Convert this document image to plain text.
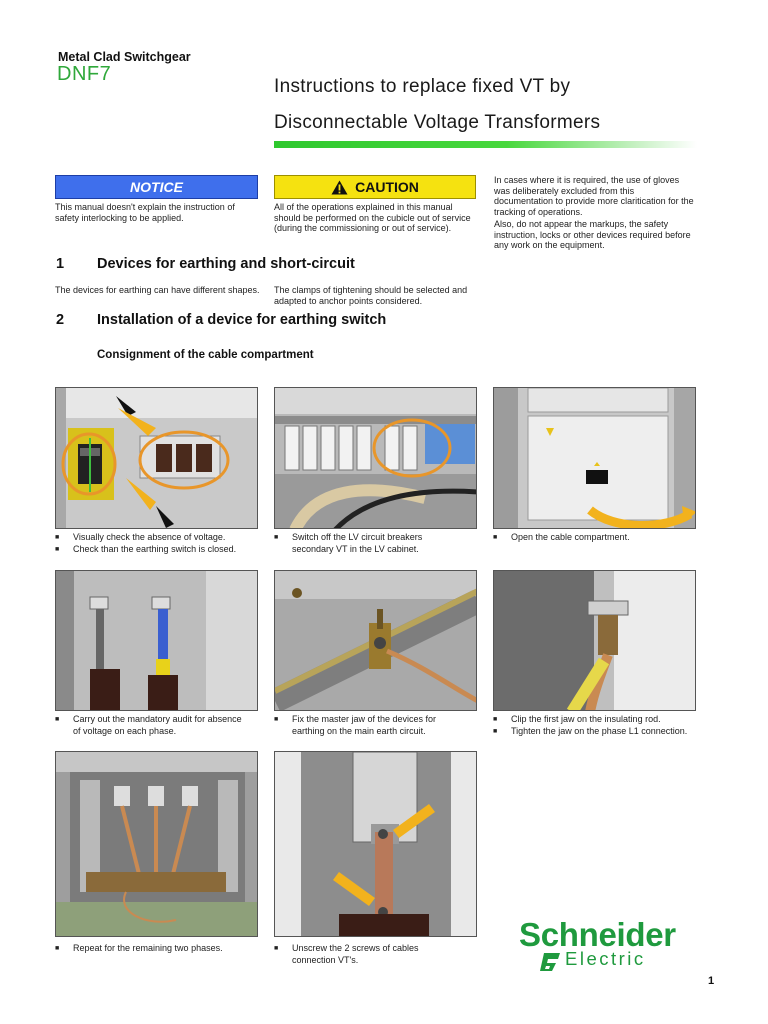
Metal Clad Switchgear
DNF7
Instructions to replace fixed VT by
Disconnectable Voltage Transformers
NOTICE
This manual doesn't explain the instruction of safety interlocking to be applied.
CAUTION
All of the operations explained in this manual should be performed on the cubicle out of service (during the commissioning or out of service).
In cases where it is required, the use of gloves was deliberately excluded from this documentation to provide more claritication for the tracking of operations.
Also, do not appear the markups, the safety instruction, locks or other devices required before any work on the equipment.
1 Devices for earthing and short-circuit
The devices for earthing can have different shapes. The clamps of tightening should be selected and adapted to anchor points considered.
2 Installation of a device for earthing switch
Consignment of the cable compartment
■	Visually check the absence of voltage.
■	Check than the earthing switch is closed.
■	Switch off the LV circuit breakers secondary VT in the LV cabinet.
■	Open the cable compartment.
■	Carry out the mandatory audit for absence of voltage on each phase.
■	Fix the master jaw of the devices for earthing on the main earth circuit.
■	Clip the first jaw on the insulating rod.
■	Tighten the jaw on the phase L1 connection.
■	Repeat for the remaining two phases.	■	Unscrew the 2 screws of cables connection VT's.
Schneider
Electric
1
